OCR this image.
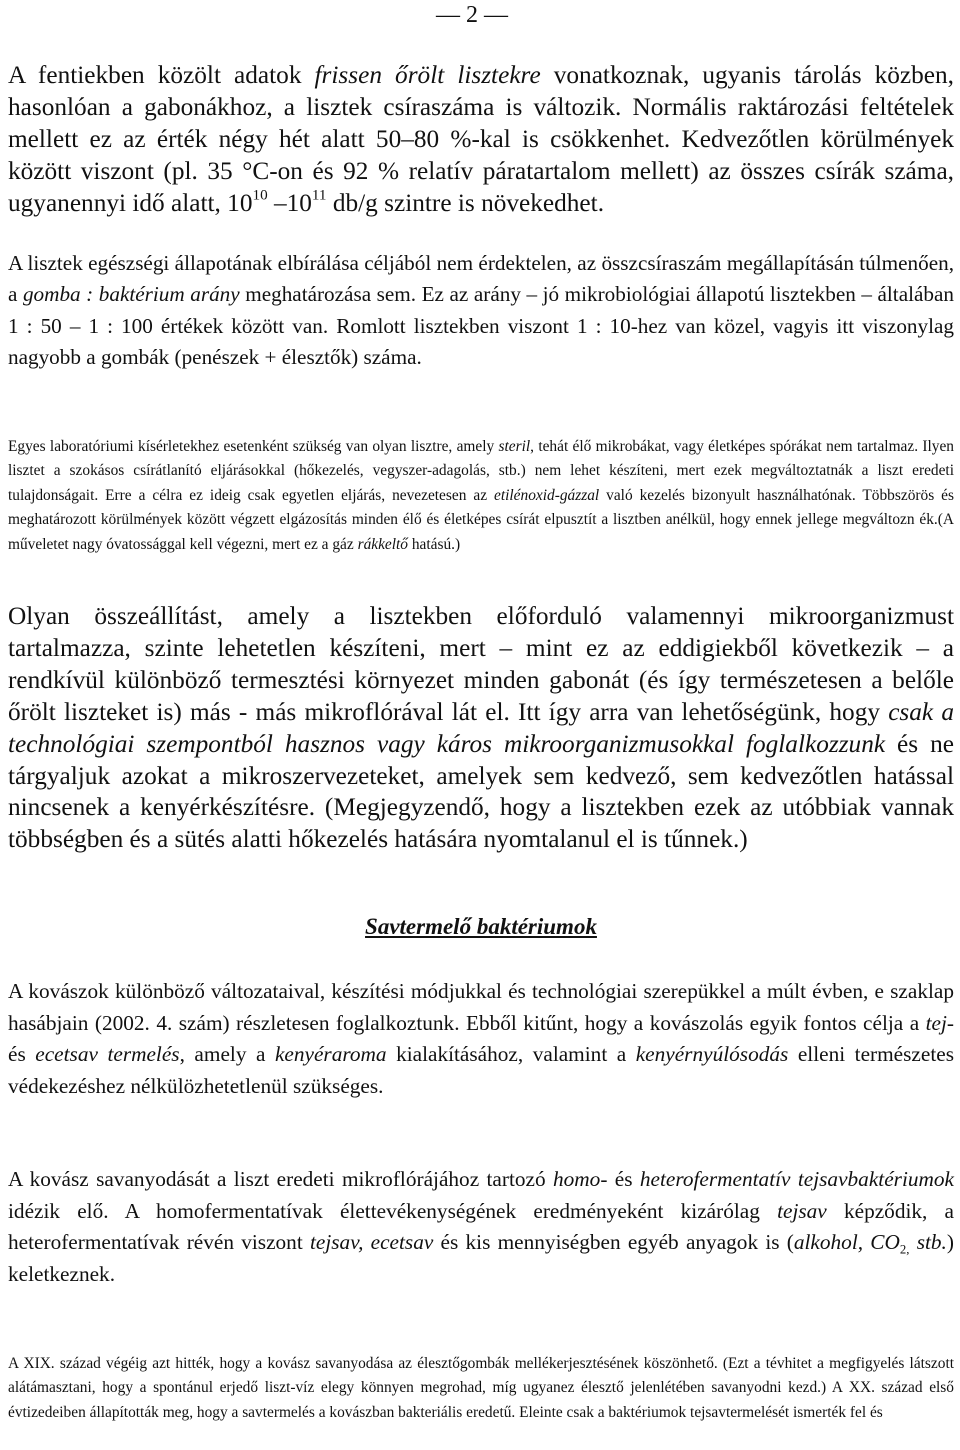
— 2 —

A fentiekben közölt adatok frissen őrölt lisztekre vonatkoznak, ugyanis tárolás közben, hasonlóan a gabonákhoz, a lisztek csíraszáma is változik. Normális raktározási feltételek mellett ez az érték négy hét alatt 50–80 %-kal is csökkenhet. Kedvezőtlen körülmények között viszont (pl. 35 °C-on és 92 % relatív páratartalom mellett) az összes csírák száma, ugyanennyi idő alatt, $10^{10}$ $-10^{11}$ db/g szintre is növekedhet.

A lisztek egészségi állapotának elbírálása céljából nem érdektelen, az összcsíraszám megállapításán túlmenően, a gomba : baktérium arány meghatározása sem. Ez az arány – jó mikrobiológiai állapotú lisztekben – általában 1 : 50 – 1 : 100 értékek között van. Romlott lisztekben viszont 1 : 10-hez van közel, vagyis itt viszonylag nagyobb a gombák (penészek + élesztők) száma.

Egyes laboratóriumi kísérletekhez esetenként szükség van olyan lisztre, amely steril, tehát élő mikrobákat, vagy életképes spórákat nem tartalmaz. Ilyen lisztet a szokásos csírátlanító eljárásokkal (hőkezelés, vegyszer-adagolás, stb.) nem lehet készíteni, mert ezek megváltoztatnák a liszt eredeti tulajdonságait. Erre a célra ez ideig csak egyetlen eljárás, nevezetesen az etilénoxid-gázzal való kezelés bizonyult használhatónak. Többszörös és meghatározott körülmények között végzett elgázosítás minden élő és életképes csírát elpusztít a lisztben anélkül, hogy ennek jellege megváltozn ék.(A műveletet nagy óvatossággal kell végezni, mert ez a gáz rákkeltő hatású.)

Olyan összeállítást, amely a lisztekben előforduló valamennyi mikroorganizmust tartalmazza, szinte lehetetlen készíteni, mert – mint ez az eddigiekből következik – a rendkívül különböző termesztési környezet minden gabonát (és így természetesen a belőle őrölt liszteket is) más - más mikroflórával lát el. Itt így arra van lehetőségünk, hogy csak a technológiai szempontból hasznos vagy káros mikroorganizmusokkal foglalkozzunk és ne tárgyaljuk azokat a mikroszervezeteket, amelyek sem kedvező, sem kedvezőtlen hatással nincsenek a kenyérkészítésre. (Megjegyzendő, hogy a lisztekben ezek az utóbbiak vannak többségben és a sütés alatti hőkezelés hatására nyomtalanul el is tűnnek.)

Savtermelő baktériumok

A kovászok különböző változataival, készítési módjukkal és technológiai szerepükkel a múlt évben, e szaklap hasábjain (2002. 4. szám) részletesen foglalkoztunk. Ebből kitűnt, hogy a kovászolás egyik fontos célja a tej- és ecetsav termelés, amely a kenyéraroma kialakításához, valamint a kenyérnyúlósodás elleni természetes védekezéshez nélkülözhetetlenül szükséges.

A kovász savanyodását a liszt eredeti mikroflórájához tartozó homo- és heterofermentatív tejsavbaktériumok idézik elő. A homofermentatívak élettevékenységének eredményeként kizárólag tejsav képződik, a heterofermentatívak révén viszont tejsav, ecetsav és kis mennyiségben egyéb anyagok is (alkohol, $CO_{2,}$ stb.) keletkeznek.

A XIX. század végéig azt hitték, hogy a kovász savanyodása az élesztőgombák mellékerjesztésének köszönhető. (Ezt a tévhitet a megfigyelés látszott alátámasztani, hogy a spontánul erjedő liszt-víz elegy könnyen megrohad, míg ugyanez élesztő jelenlétében savanyodni kezd.) A XX. század első évtizedeiben állapították meg, hogy a savtermelés a kovászban bakteriális eredetű. Eleinte csak a baktériumok tejsavtermelését ismerték fel és
